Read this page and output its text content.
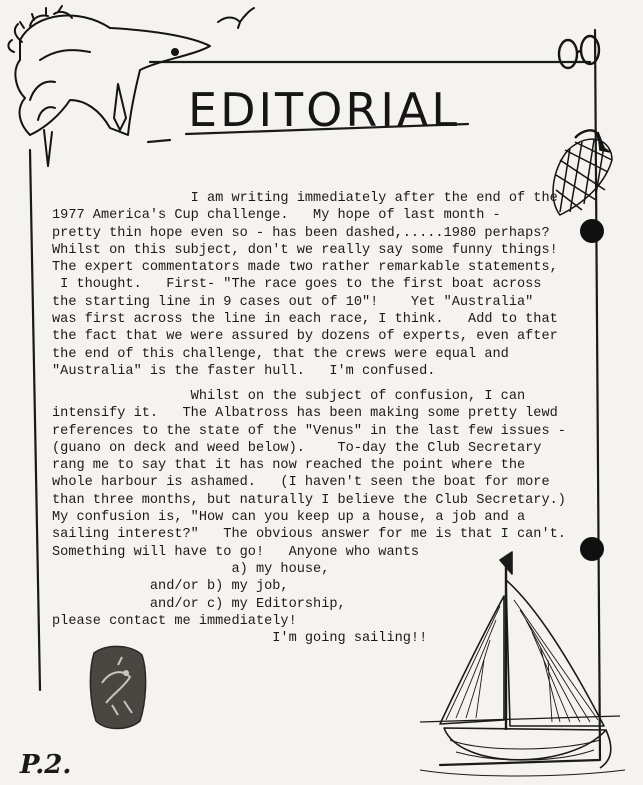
EDITORIAL
I am writing immediately after the end of the
1977 America's Cup challenge.   My hope of last month -
pretty thin hope even so - has been dashed,.....1980 perhaps?
Whilst on this subject, don't we really say some funny things!
The expert commentators made two rather remarkable statements,
I thought.   First- "The race goes to the first boat across
the starting line in 9 cases out of 10"!    Yet "Australia"
was first across the line in each race, I think.   Add to that
the fact that we were assured by dozens of experts, even after
the end of this challenge, that the crews were equal and
"Australia" is the faster hull.   I'm confused.
Whilst on the subject of confusion, I can
intensify it.   The Albatross has been making some pretty lewd
references to the state of the "Venus" in the last few issues -
(guano on deck and weed below).    To-day the Club Secretary
rang me to say that it has now reached the point where the
whole harbour is ashamed.   (I haven't seen the boat for more
than three months, but naturally I believe the Club Secretary.)
My confusion is, "How can you keep up a house, a job and a
sailing interest?"   The obvious answer for me is that I can't.
Something will have to go!   Anyone who wants
a) my house,
and/or b) my job,
and/or c) my Editorship,
please contact me immediately!
I'm going sailing!!
P.2.
